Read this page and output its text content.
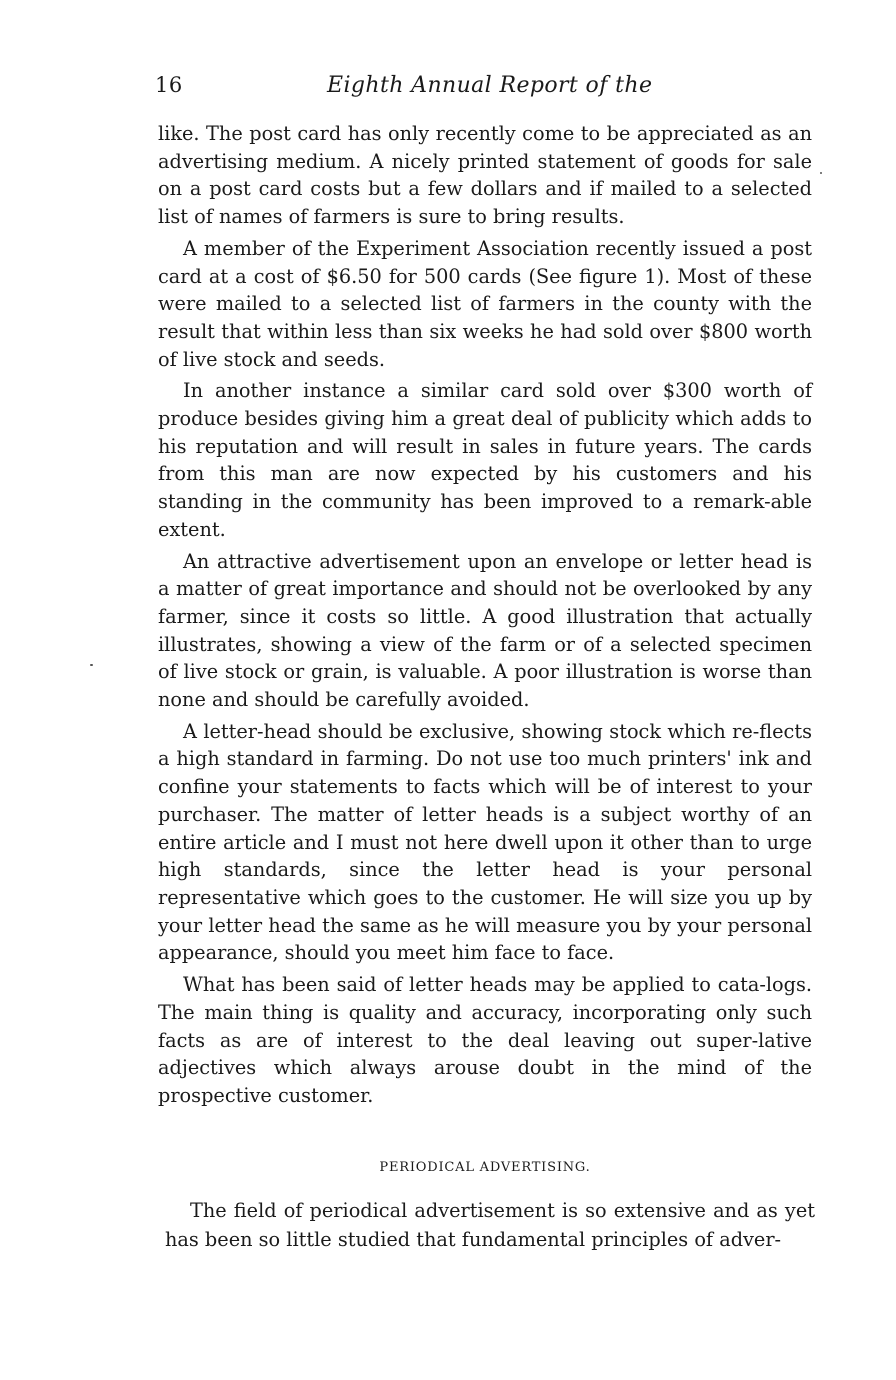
16	Eighth Annual Report of the

like. The post card has only recently come to be appreciated as an advertising medium. A nicely printed statement of goods for sale on a post card costs but a few dollars and if mailed to a selected list of names of farmers is sure to bring results.

A member of the Experiment Association recently issued a post card at a cost of $6.50 for 500 cards (See figure 1). Most of these were mailed to a selected list of farmers in the county with the result that within less than six weeks he had sold over $800 worth of live stock and seeds.

In another instance a similar card sold over $300 worth of produce besides giving him a great deal of publicity which adds to his reputation and will result in sales in future years. The cards from this man are now expected by his customers and his standing in the community has been improved to a remark-able extent.

An attractive advertisement upon an envelope or letter head is a matter of great importance and should not be overlooked by any farmer, since it costs so little. A good illustration that actually illustrates, showing a view of the farm or of a selected specimen of live stock or grain, is valuable. A poor illustration is worse than none and should be carefully avoided.

A letter-head should be exclusive, showing stock which re-flects a high standard in farming. Do not use too much printers' ink and confine your statements to facts which will be of interest to your purchaser. The matter of letter heads is a subject worthy of an entire article and I must not here dwell upon it other than to urge high standards, since the letter head is your personal representative which goes to the customer. He will size you up by your letter head the same as he will measure you by your personal appearance, should you meet him face to face.

What has been said of letter heads may be applied to cata-logs. The main thing is quality and accuracy, incorporating only such facts as are of interest to the deal leaving out super-lative adjectives which always arouse doubt in the mind of the prospective customer.

PERIODICAL ADVERTISING.

The field of periodical advertisement is so extensive and as yet has been so little studied that fundamental principles of adver-
